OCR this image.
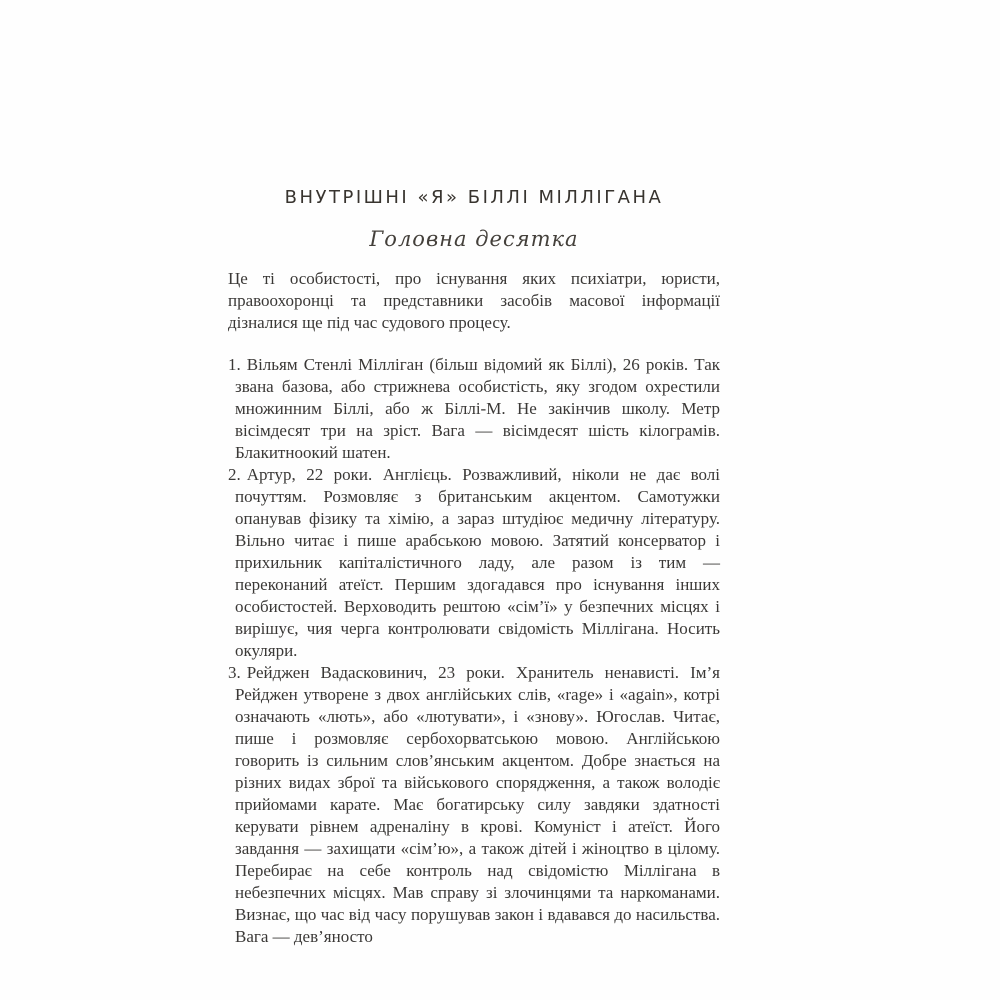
ВНУТРІШНІ «Я» БІЛЛІ МІЛЛІГАНА
Головна десятка

Це ті особистості, про існування яких психіатри, юристи, правоохоронці та представники засобів масової інформації дізналися ще під час судового процесу.

1. Вільям Стенлі Мілліган (більш відомий як Біллі), 26 років. Так звана базова, або стрижнева особистість, яку згодом охрестили множинним Біллі, або ж Біллі-М. Не закінчив школу. Метр вісімдесят три на зріст. Вага — вісімдесят шість кілограмів. Блакитноокий шатен.
2. Артур, 22 роки. Англієць. Розважливий, ніколи не дає волі почуттям. Розмовляє з британським акцентом. Самотужки опанував фізику та хімію, а зараз штудіює медичну літературу. Вільно читає і пише арабською мовою. Затятий консерватор і прихильник капіталістичного ладу, але разом із тим — переконаний атеїст. Першим здогадався про існування інших особистостей. Верховодить рештою «сім’ї» у безпечних місцях і вирішує, чия черга контролювати свідомість Міллігана. Носить окуляри.
3. Рейджен Вадасковинич, 23 роки. Хранитель ненависті. Ім’я Рейджен утворене з двох англійських слів, «rage» і «again», котрі означають «лють», або «лютувати», і «знову». Югослав. Читає, пише і розмовляє сербохорватською мовою. Англійською говорить із сильним слов’янським акцентом. Добре знається на різних видах зброї та військового спорядження, а також володіє прийомами карате. Має богатирську силу завдяки здатності керувати рівнем адреналіну в крові. Комуніст і атеїст. Його завдання — захищати «сім’ю», а також дітей і жіноцтво в цілому. Перебирає на себе контроль над свідомістю Міллігана в небезпечних місцях. Мав справу зі злочинцями та наркоманами. Визнає, що час від часу порушував закон і вдавався до насильства. Вага — дев’яносто
